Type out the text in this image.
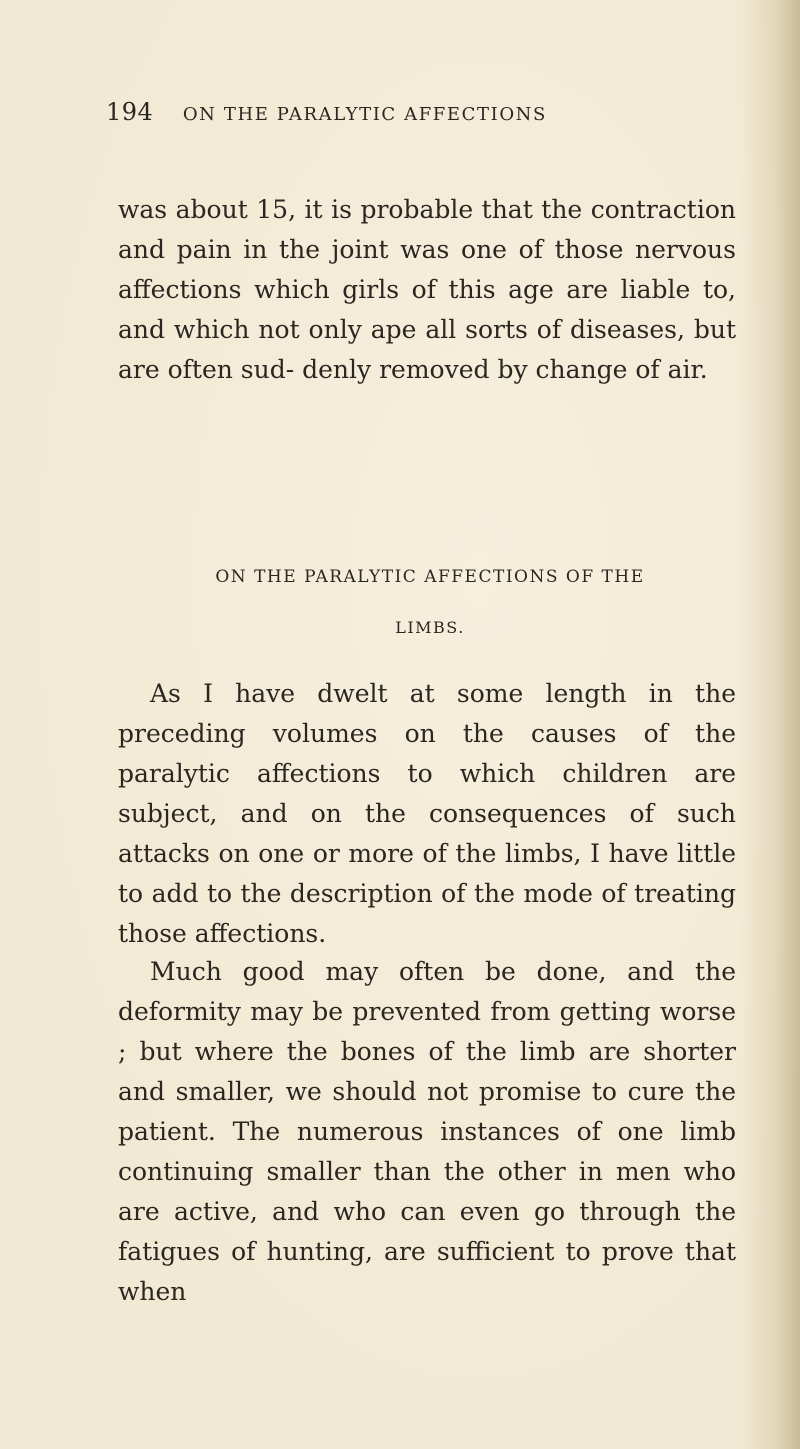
194 ON THE PARALYTIC AFFECTIONS

was about 15, it is probable that the contraction and pain in the joint was one of those nervous affections which girls of this age are liable to, and which not only ape all sorts of diseases, but are often sud- denly removed by change of air.

ON THE PARALYTIC AFFECTIONS OF THE

LIMBS.

As I have dwelt at some length in the preceding volumes on the causes of the paralytic affections to which children are subject, and on the consequences of such attacks on one or more of the limbs, I have little to add to the description of the mode of treating those affections.

Much good may often be done, and the deformity may be prevented from getting worse ; but where the bones of the limb are shorter and smaller, we should not promise to cure the patient. The numerous instances of one limb continuing smaller than the other in men who are active, and who can even go through the fatigues of hunting, are sufficient to prove that when
